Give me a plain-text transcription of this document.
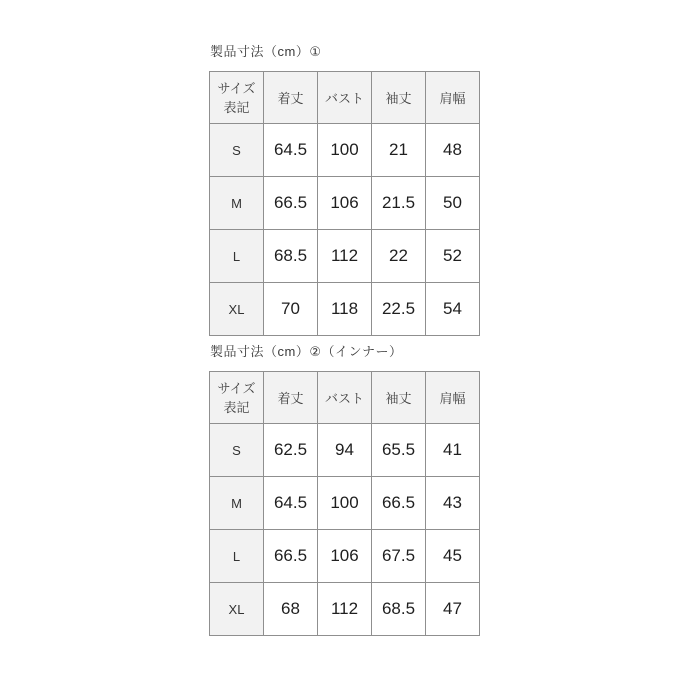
製品寸法（cm）①
サイズ
表記	着丈	バスト	袖丈	肩幅
S	64.5	100	21	48
M	66.5	106	21.5	50
L	68.5	112	22	52
XL	70	118	22.5	54
製品寸法（cm）②（インナー）
サイズ
表記	着丈	バスト	袖丈	肩幅
S	62.5	94	65.5	41
M	64.5	100	66.5	43
L	66.5	106	67.5	45
XL	68	112	68.5	47
